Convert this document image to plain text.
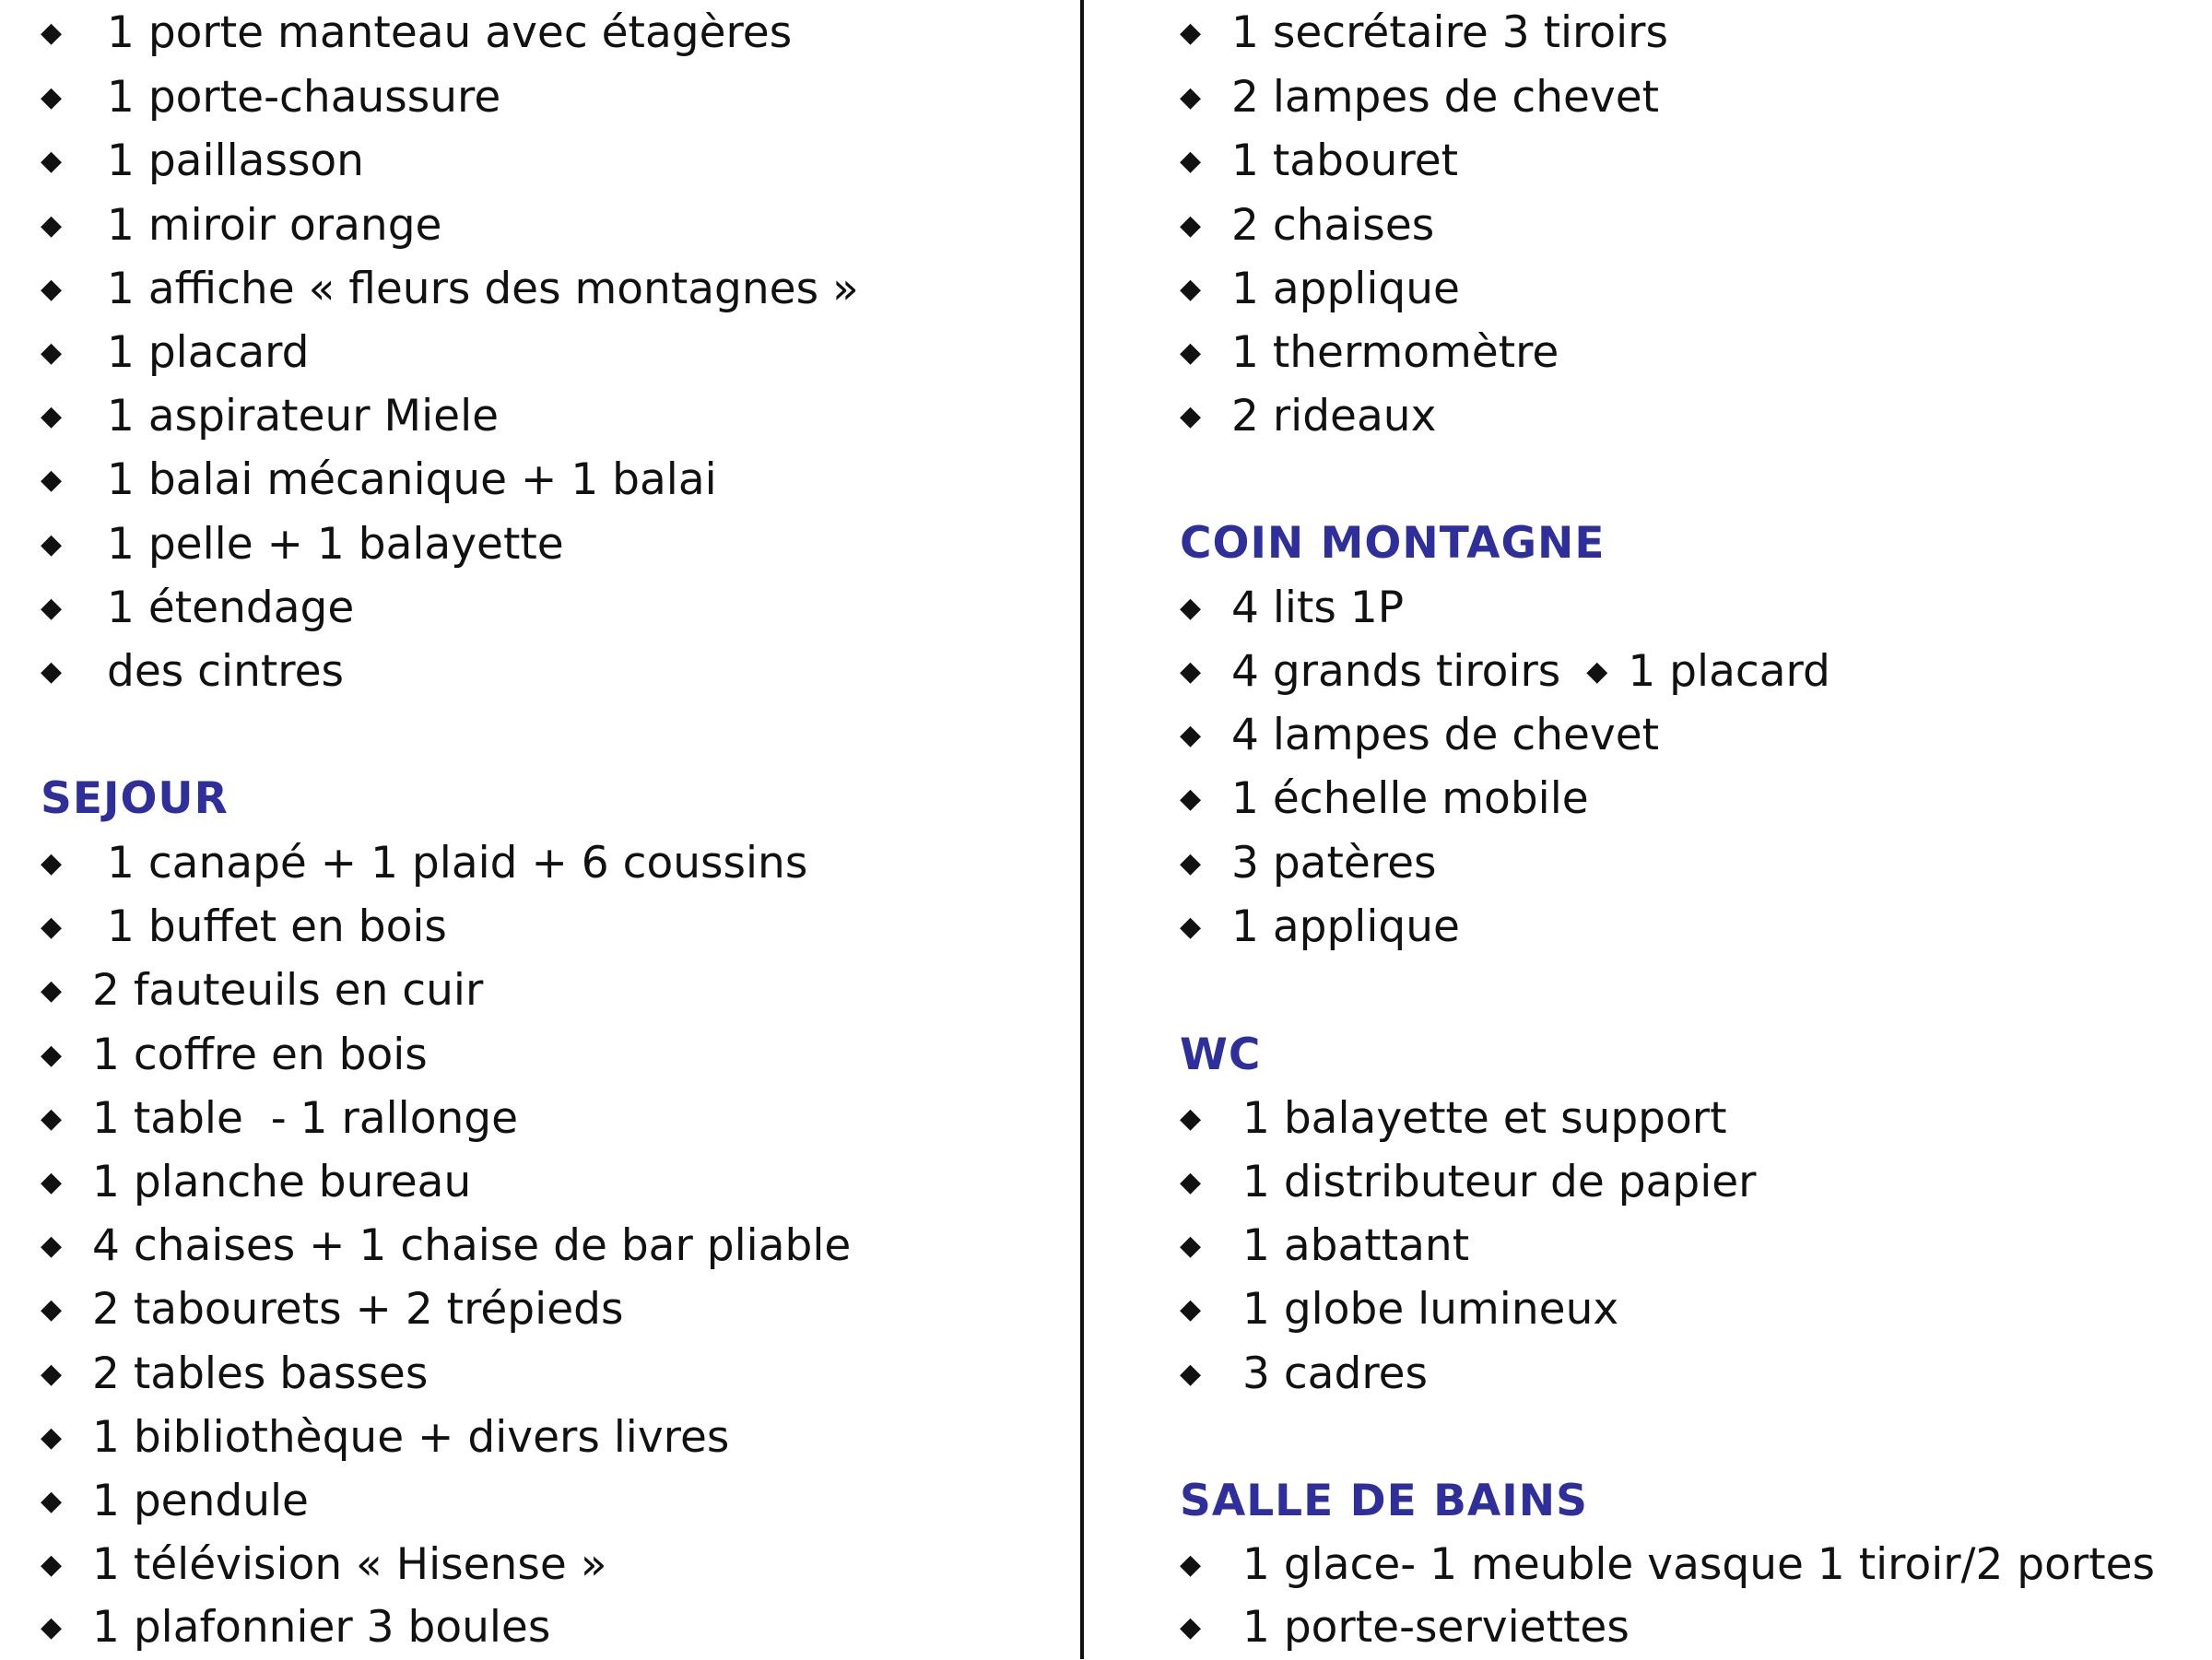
◆ 1 porte manteau avec étagères
◆ 1 porte-chaussure
◆ 1 paillasson
◆ 1 miroir orange
◆ 1 affiche « fleurs des montagnes »
◆ 1 placard
◆ 1 aspirateur Miele
◆ 1 balai mécanique + 1 balai
◆ 1 pelle + 1 balayette
◆ 1 étendage
◆ des cintres
SEJOUR
◆ 1 canapé + 1 plaid + 6 coussins
◆ 1 buffet en bois
◆ 2 fauteuils en cuir
◆ 1 coffre en bois
◆ 1 table  - 1 rallonge
◆ 1 planche bureau
◆ 4 chaises + 1 chaise de bar pliable
◆ 2 tabourets + 2 trépieds
◆ 2 tables basses
◆ 1 bibliothèque + divers livres
◆ 1 pendule
◆ 1 télévision « Hisense »
◆ 1 plafonnier 3 boules
◆ 1 secrétaire 3 tiroirs
◆ 2 lampes de chevet
◆ 1 tabouret
◆ 2 chaises
◆ 1 applique
◆ 1 thermomètre
◆ 2 rideaux
COIN MONTAGNE
◆ 4 lits 1P
◆ 4 grands tiroirs ◆ 1 placard
◆ 4 lampes de chevet
◆ 1 échelle mobile
◆ 3 patères
◆ 1 applique
WC
◆ 1 balayette et support
◆ 1 distributeur de papier
◆ 1 abattant
◆ 1 globe lumineux
◆ 3 cadres
SALLE DE BAINS
◆ 1 glace- 1 meuble vasque 1 tiroir/2 portes
◆ 1 porte-serviettes
